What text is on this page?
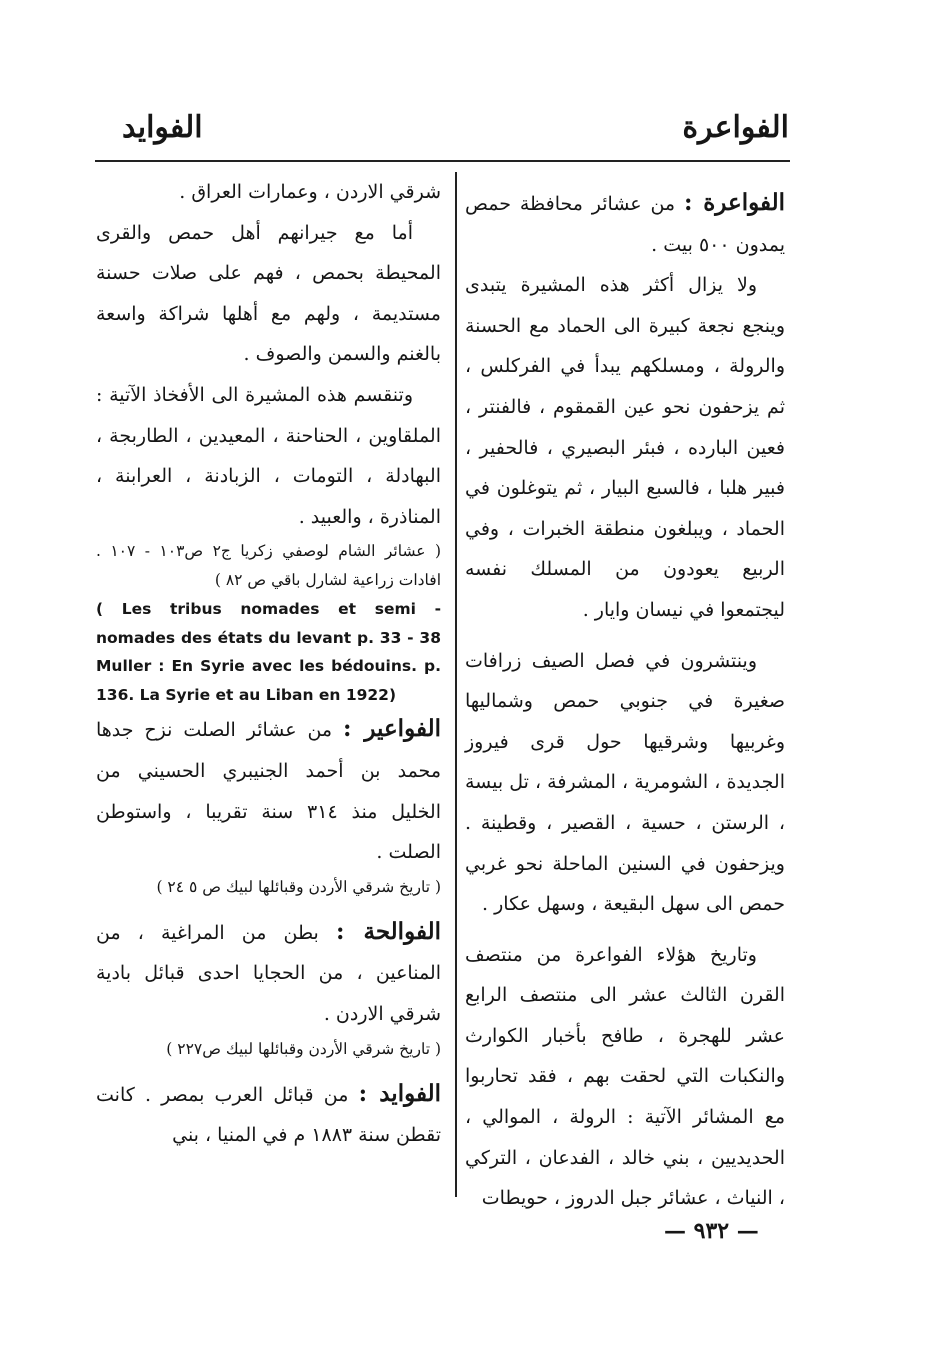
الفواعرة
الفوايد

الفواعرة : من عشائر محافظة حمص يمدون ٥٠٠ بيت .

ولا يزال أكثر هذه المشيرة يتبدى وينجع نجعة كبيرة الى الحماد مع الحسنة والرولة ، ومسلكهم يبدأ في الفركلس ، ثم يزحفون نحو عين القمقوم ، فالفنتر ، فعين البارده ، فبئر البصيري ، فالحفير ، فبير هلبا ، فالسبع البيار ، ثم يتوغلون في الحماد ، ويبلغون منطقة الخبرات ، وفي الربيع يعودون من المسلك نفسه ليجتمعوا في نيسان وايار .

وينتشرون في فصل الصيف زرافات صغيرة في جنوبي حمص وشماليها وغربيها وشرقيها حول قرى فيروز الجديدة ، الشومرية ، المشرفة ، تل بيسة ، الرستن ، حسية ، القصير ، وقطينة . ويزحفون في السنين الماحلة نحو غربي حمص الى سهل البقيعة ، وسهل عكار .

وتاريخ هؤلاء الفواعرة من منتصف القرن الثالث عشر الى منتصف الرابع عشر للهجرة ، طافح بأخبار الكوارث والنكبات التي لحقت بهم ، فقد تحاربوا مع المشائر الآتية : الرولة ، الموالي ، الحديديين ، بني خالد ، الفدعان ، التركي ، النياث ، عشائر جبل الدروز ، حويطات

شرقي الاردن ، وعمارات العراق .

أما مع جيرانهم أهل حمص والقرى المحيطة بحمص ، فهم على صلات حسنة مستديمة ، ولهم مع أهلها شراكة واسعة بالغنم والسمن والصوف .

وتنقسم هذه المشيرة الى الأفخاذ الآتية : الملقاوين ، الحناحنة ، المعيدين ، الطاربجة ، البهادلة ، التومات ، الزبادنة ، العرابنة ، المناذرة ، والعبيد .

( عشائر الشام لوصفي زكريا ج٢ ص١٠٣ - ١٠٧ . افادات زراعية لشارل باقي ص ٨٢ )

( Les tribus nomades et semi - nomades des états du levant p. 33 - 38 Muller : En Syrie avec les bédouins. p. 136. La Syrie et au Liban en 1922)

الفواعير : من عشائر الصلت نزح جدها محمد بن أحمد الجنيبري الحسيني من الخليل منذ ٣١٤ سنة تقريبا ، واستوطن الصلت .

( تاريخ شرقي الأردن وقبائلها لبيك ص ٥ ٢٤ )

الفوالحة : بطن من المراغية ، من المناعين ، من الحجايا احدى قبائل بادية شرقي الاردن .

( تاريخ شرقي الأردن وقبائلها لبيك ص٢٢٧ )

الفوايد : من قبائل العرب بمصر . كانت تقطن سنة ١٨٨٣ م في المنيا ، بني

— ٩٣٢ —
